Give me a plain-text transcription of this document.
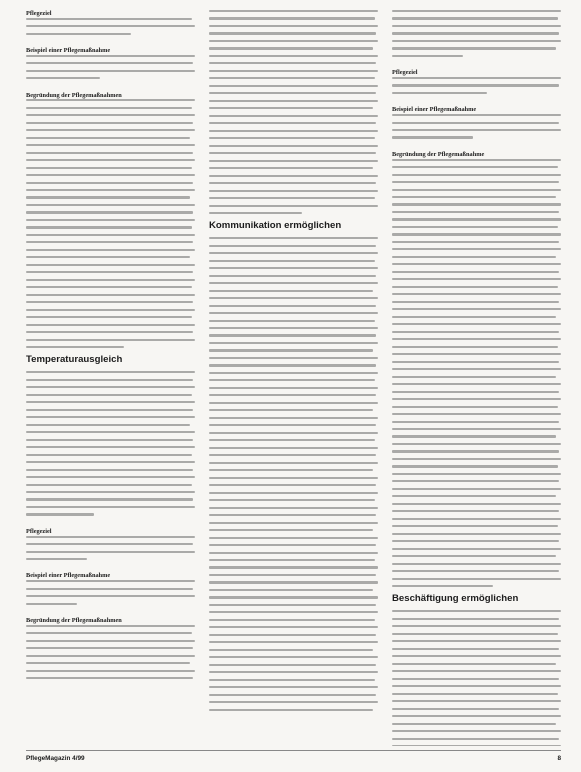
Pflegeziel

Beispiel einer Pflegemaßnahme

Begründung der Pflegemaßnahmen

Temperaturausgleich

Pflegeziel

Beispiel einer Pflegemaßnahme

Begründung der Pflegemaßnahmen

Kommunikation ermöglichen

Pflegeziel

Beispiel einer Pflegemaßnahme

Begründung der Pflegemaßnahme

Beschäftigung ermöglichen
PflegeMagazin 4/99	8
